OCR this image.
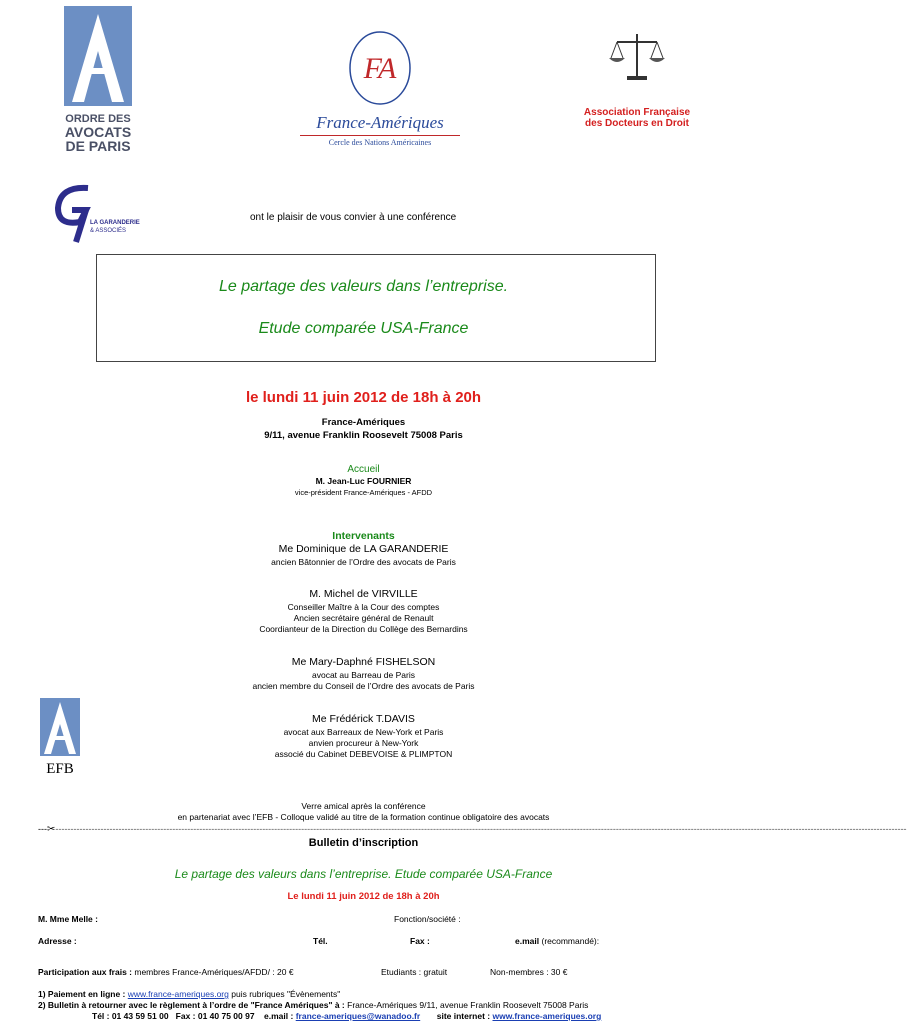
ORDRE DES
AVOCATS
DE PARIS
FA
France-Amériques
Cercle des Nations Américaines
Association Française
des Docteurs en Droit
LA GARANDERIE
& ASSOCIÉS
ont le plaisir de vous convier à une conférence
Le partage des valeurs dans l’entreprise.
Etude comparée USA-France
le lundi 11 juin 2012 de 18h à 20h
France-Amériques
9/11, avenue Franklin Roosevelt 75008 Paris
Accueil
M. Jean-Luc FOURNIER
vice-président France-Amériques - AFDD
Intervenants
Me Dominique de LA GARANDERIE
ancien Bâtonnier de l’Ordre des avocats de Paris
M. Michel de VIRVILLE
Conseiller Maître à la Cour des comptes
Ancien secrétaire général de Renault
Coordianteur de la Direction du Collège des Bernardins
Me Mary-Daphné FISHELSON
avocat au Barreau de Paris
ancien membre du Conseil de l’Ordre des avocats de Paris
Me Frédérick T.DAVIS
avocat aux Barreaux de New-York et Paris
anvien procureur à New-York
associé du Cabinet DEBEVOISE & PLIMPTON
EFB
Verre amical après la conférence
en partenariat avec l’EFB - Colloque validé au titre de la formation continue obligatoire des avocats
---✂--------------------------------------------------------------------------------------------------------------------------------------------------------------------------------------------------------------------------------------------------------------------------------------------
Bulletin d’inscription
Le partage des valeurs dans l’entreprise. Etude comparée USA-France
Le lundi 11 juin 2012 de 18h à 20h
M. Mme Melle :	Fonction/société :
Adresse :	Tél.	Fax :	e.mail (recommandé):
Participation aux frais : membres France-Amériques/AFDD/ : 20 €	Etudiants : gratuit	Non-membres : 30 €
1) Paiement en ligne : www.france-ameriques.org puis rubriques "Évènements"
2) Bulletin à retourner avec le règlement à l’ordre de "France Amériques" à : France-Amériques 9/11, avenue Franklin Roosevelt 75008 Paris
Tél : 01 43 59 51 00 Fax : 01 40 75 00 97 e.mail : france-ameriques@wanadoo.fr site internet : www.france-ameriques.org
